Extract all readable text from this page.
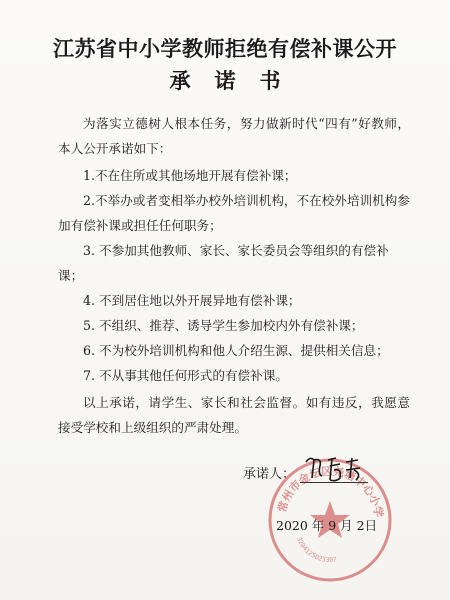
江苏省中小学教师拒绝有偿补课公开
承诺书

为落实立德树人根本任务，努力做新时代“四有”好教师，本人公开承诺如下：

1.不在住所或其他场地开展有偿补课；

2.不举办或者变相举办校外培训机构，不在校外培训机构参加有偿补课或担任任何职务；

3. 不参加其他教师、家长、家长委员会等组织的有偿补课；

4. 不到居住地以外开展异地有偿补课；

5. 不组织、推荐、诱导学生参加校内外有偿补课；

6. 不为校外培训机构和他人介绍生源、提供相关信息；

7. 不从事其他任何形式的有偿补课。

以上承诺，请学生、家长和社会监督。如有违反，我愿意接受学校和上级组织的严肃处理。

常州市金坛区尧塘中心小学
3204125023307
承诺人：
2020 年 9 月 2日
